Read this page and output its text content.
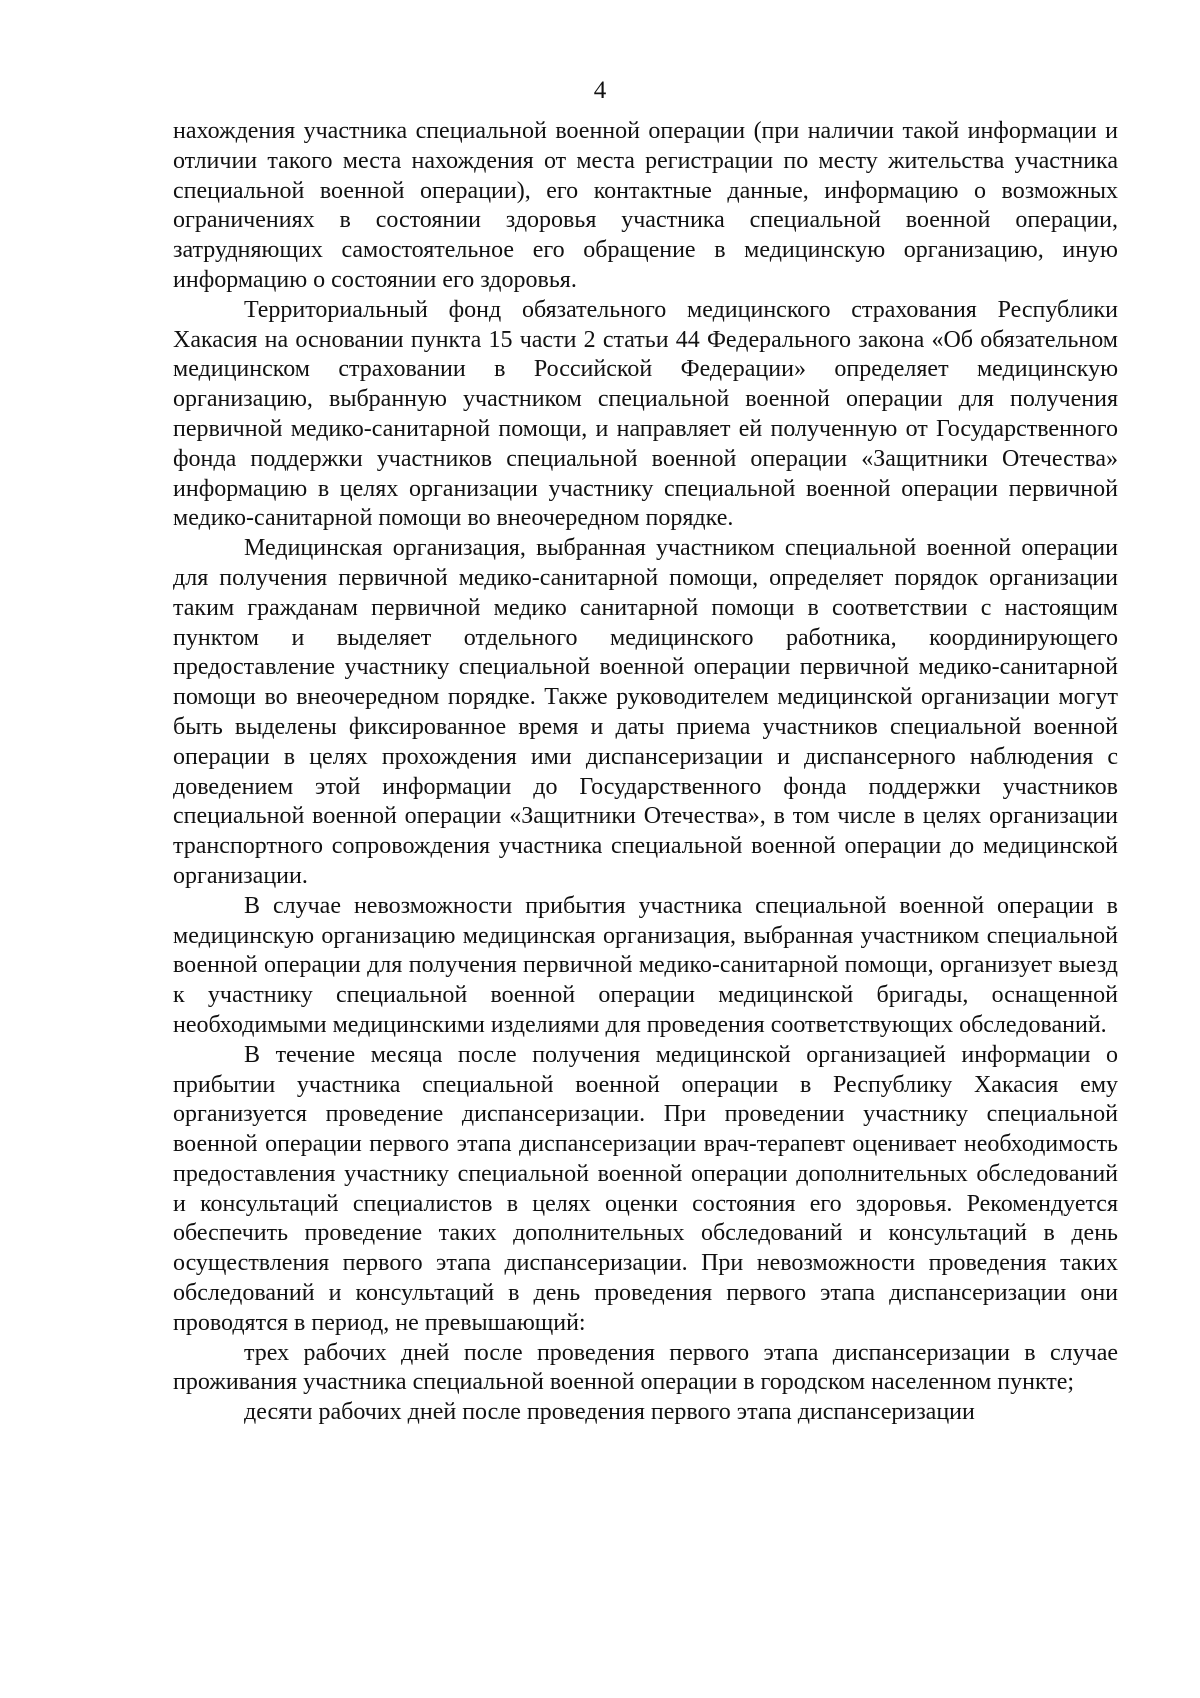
4

нахождения участника специальной военной операции (при наличии такой информации и отличии такого места нахождения от места регистрации по месту жительства участника специальной военной операции), его контактные данные, информацию о возможных ограничениях в состоянии здоровья участника специальной военной операции, затрудняющих самостоятельное его обращение в медицинскую организацию, иную информацию о состоянии его здоровья.

Территориальный фонд обязательного медицинского страхования Республики Хакасия на основании пункта 15 части 2 статьи 44 Федерального закона «Об обязательном медицинском страховании в Российской Федерации» определяет медицинскую организацию, выбранную участником специальной военной операции для получения первичной медико-санитарной помощи, и направляет ей полученную от Государственного фонда поддержки участников специальной военной операции «Защитники Отечества» информацию в целях организации участнику специальной военной операции первичной медико-санитарной помощи во внеочередном порядке.

Медицинская организация, выбранная участником специальной военной операции для получения первичной медико-санитарной помощи, определяет порядок организации таким гражданам первичной медико санитарной помощи в соответствии с настоящим пунктом и выделяет отдельного медицинского работника, координирующего предоставление участнику специальной военной операции первичной медико-санитарной помощи во внеочередном порядке. Также руководителем медицинской организации могут быть выделены фиксированное время и даты приема участников специальной военной операции в целях прохождения ими диспансеризации и диспансерного наблюдения с доведением этой информации до Государственного фонда поддержки участников специальной военной операции «Защитники Отечества», в том числе в целях организации транспортного сопровождения участника специальной военной операции до медицинской организации.

В случае невозможности прибытия участника специальной военной операции в медицинскую организацию медицинская организация, выбранная участником специальной военной операции для получения первичной медико-санитарной помощи, организует выезд к участнику специальной военной операции медицинской бригады, оснащенной необходимыми медицинскими изделиями для проведения соответствующих обследований.

В течение месяца после получения медицинской организацией информации о прибытии участника специальной военной операции в Республику Хакасия ему организуется проведение диспансеризации. При проведении участнику специальной военной операции первого этапа диспансеризации врач-терапевт оценивает необходимость предоставления участнику специальной военной операции дополнительных обследований и консультаций специалистов в целях оценки состояния его здоровья. Рекомендуется обеспечить проведение таких дополнительных обследований и консультаций в день осуществления первого этапа диспансеризации. При невозможности проведения таких обследований и консультаций в день проведения первого этапа диспансеризации они проводятся в период, не превышающий:

трех рабочих дней после проведения первого этапа диспансеризации в случае проживания участника специальной военной операции в городском населенном пункте;

десяти рабочих дней после проведения первого этапа диспансеризации
